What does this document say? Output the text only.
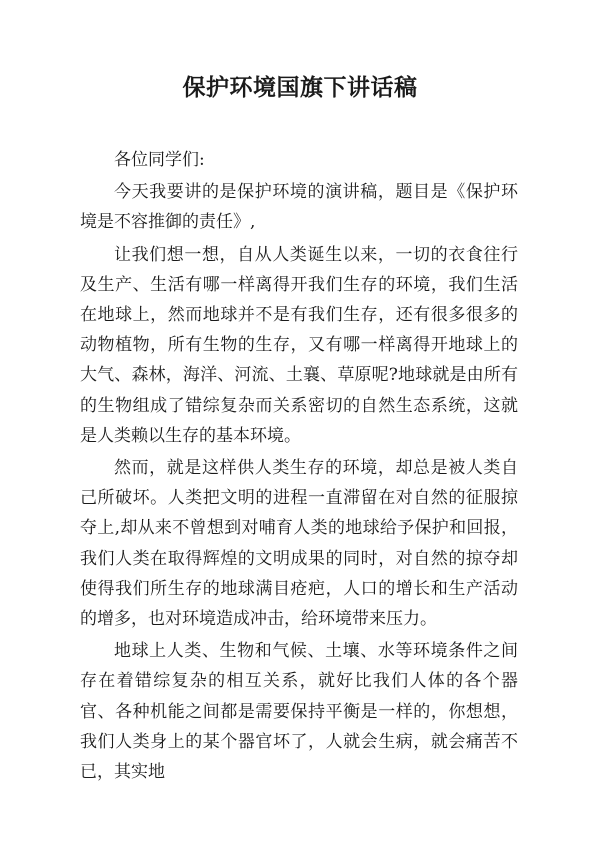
保护环境国旗下讲话稿

各位同学们:

今天我要讲的是保护环境的演讲稿，题目是《保护环境是不容推御的责任》,

让我们想一想，自从人类诞生以来，一切的衣食往行及生产、生活有哪一样离得开我们生存的环境，我们生活在地球上，然而地球并不是有我们生存，还有很多很多的动物植物，所有生物的生存，又有哪一样离得开地球上的大气、森林，海洋、河流、土襄、草原呢?地球就是由所有的生物组成了错综复杂而关系密切的自然生态系统，这就是人类赖以生存的基本环境。

然而，就是这样供人类生存的环境，却总是被人类自己所破坏。人类把文明的进程一直滞留在对自然的征服掠夺上,却从来不曾想到对哺育人类的地球给予保护和回报，我们人类在取得辉煌的文明成果的同时，对自然的掠夺却使得我们所生存的地球满目疮疤，人口的增长和生产活动的增多，也对环境造成冲击，给环境带来压力。

地球上人类、生物和气候、土壤、水等环境条件之间存在着错综复杂的相互关系，就好比我们人体的各个器官、各种机能之间都是需要保持平衡是一样的，你想想，我们人类身上的某个器官坏了，人就会生病，就会痛苦不已，其实地
